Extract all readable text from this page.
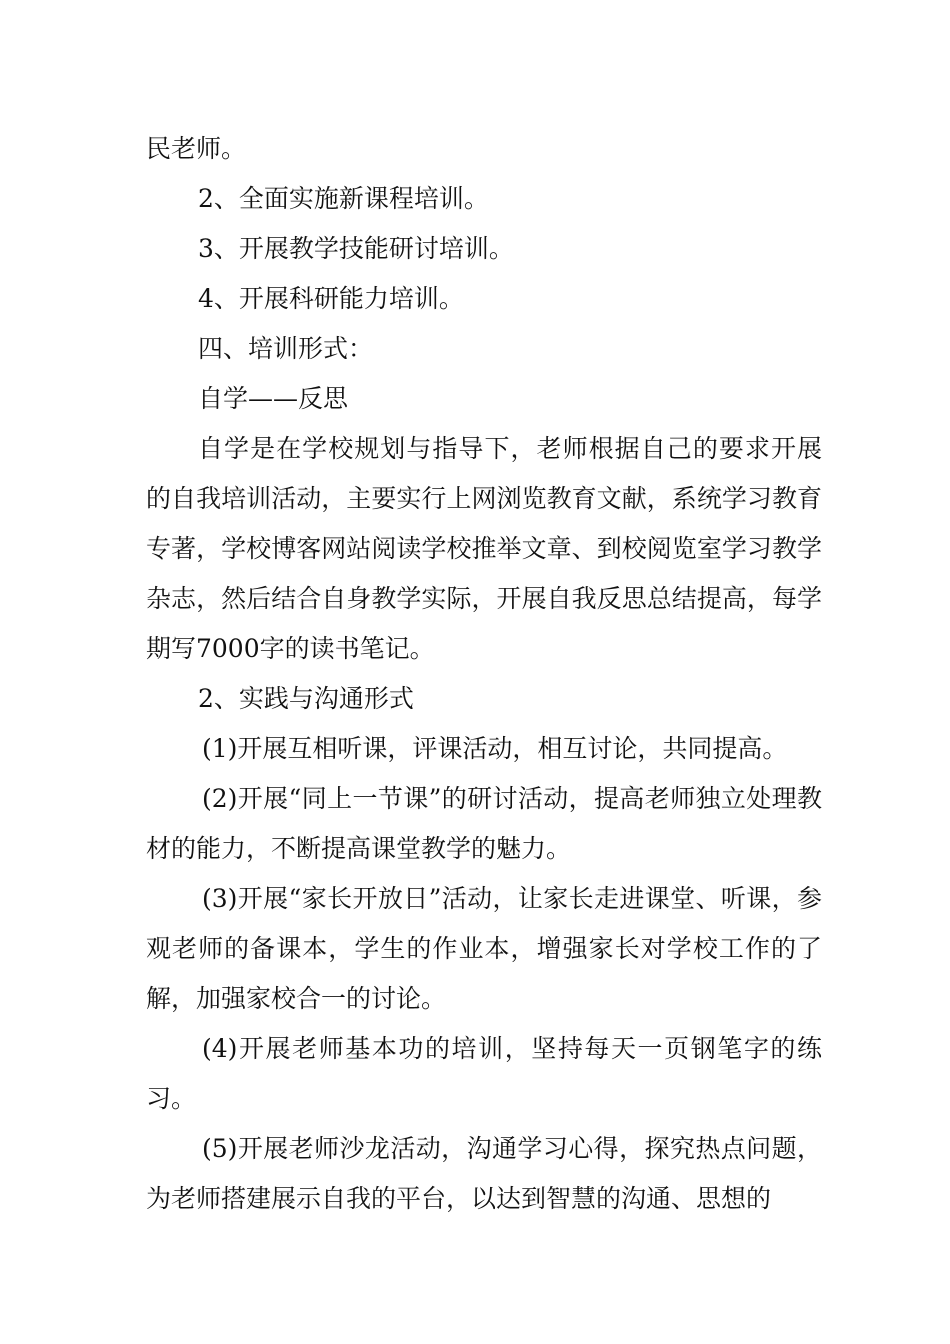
民老师。

2、全面实施新课程培训。

3、开展教学技能研讨培训。

4、开展科研能力培训。

四、培训形式：

自学——反思

自学是在学校规划与指导下，老师根据自己的要求开展的自我培训活动，主要实行上网浏览教育文献，系统学习教育专著，学校博客网站阅读学校推举文章、到校阅览室学习教学杂志，然后结合自身教学实际，开展自我反思总结提高，每学期写7000字的读书笔记。

2、实践与沟通形式

(1)开展互相听课，评课活动，相互讨论，共同提高。

(2)开展“同上一节课”的研讨活动，提高老师独立处理教材的能力，不断提高课堂教学的魅力。

(3)开展“家长开放日”活动，让家长走进课堂、听课，参观老师的备课本，学生的作业本，增强家长对学校工作的了解，加强家校合一的讨论。

(4)开展老师基本功的培训，坚持每天一页钢笔字的练习。

(5)开展老师沙龙活动，沟通学习心得，探究热点问题，为老师搭建展示自我的平台，以达到智慧的沟通、思想的
